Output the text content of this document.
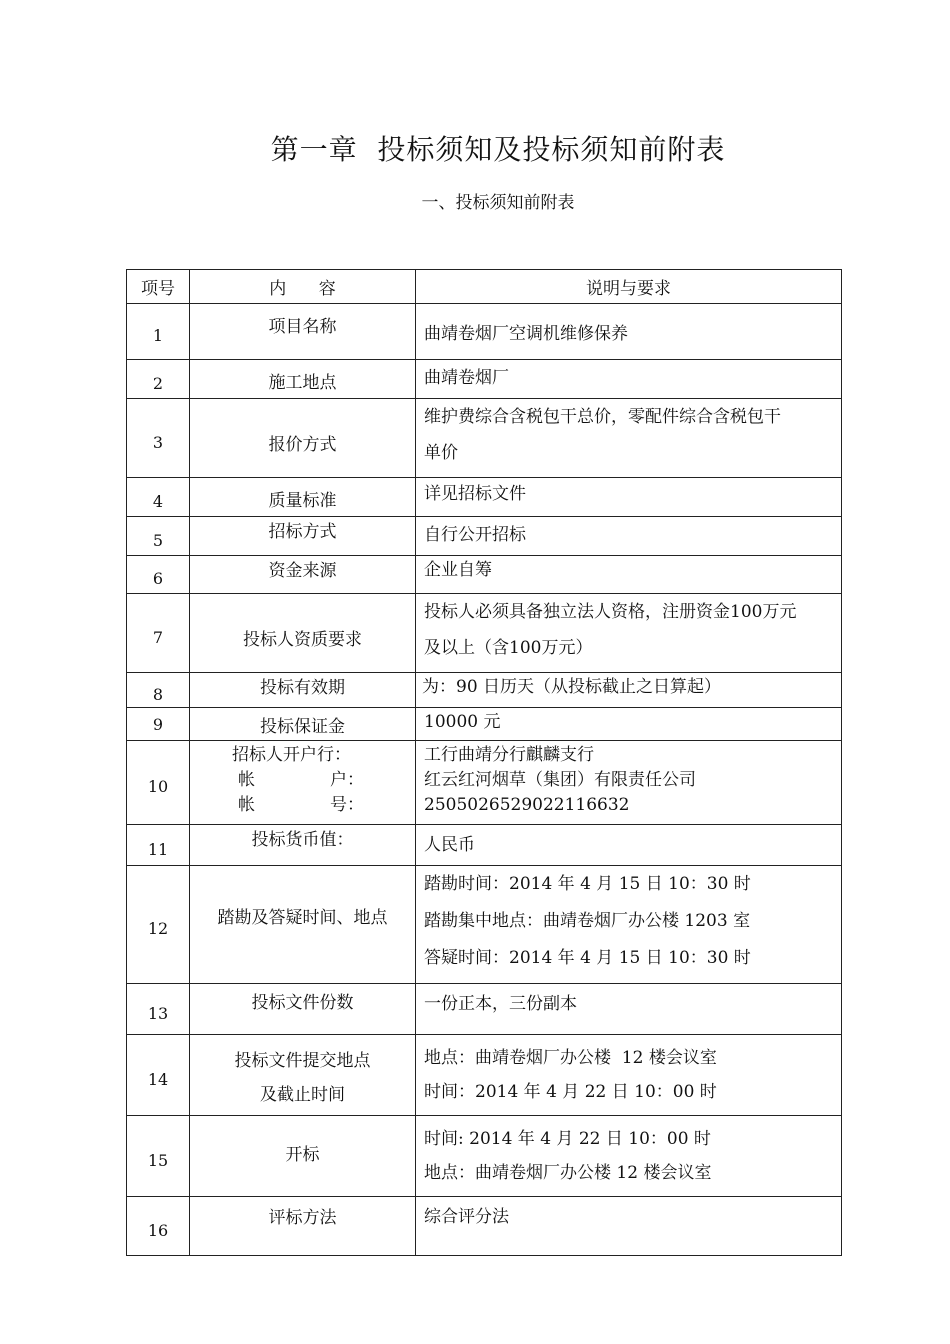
第一章  投标须知及投标须知前附表
一、投标须知前附表
项号	内      容	说明与要求
1	项目名称	曲靖卷烟厂空调机维修保养

2	施工地点	曲靖卷烟厂

3	报价方式	维护费综合含税包干总价，零配件综合含税包干
单价

4	质量标准	详见招标文件

5	招标方式	自行公开招标

6	资金来源	企业自筹

7	投标人资质要求	投标人必须具备独立法人资格，注册资金100万元
及以上（含100万元）

8	投标有效期	为：90 日历天（从投标截止之日算起）

9	投标保证金	10000 元

10	招标人开户行：
帐 户：
帐 号：	工行曲靖分行麒麟支行
红云红河烟草（集团）有限责任公司
2505026529022116632

11	投标货币值：	人民币

12	踏勘及答疑时间、地点	踏勘时间：2014 年 4 月 15 日 10：30 时
踏勘集中地点：曲靖卷烟厂办公楼 1203 室
答疑时间：2014 年 4 月 15 日 10：30 时

13	投标文件份数	一份正本，三份副本

14	投标文件提交地点
及截止时间	地点：曲靖卷烟厂办公楼  12 楼会议室
时间：2014 年 4 月 22 日 10：00 时

15	开标	时间: 2014 年 4 月 22 日 10：00 时
地点：曲靖卷烟厂办公楼 12 楼会议室

16	评标方法	综合评分法
